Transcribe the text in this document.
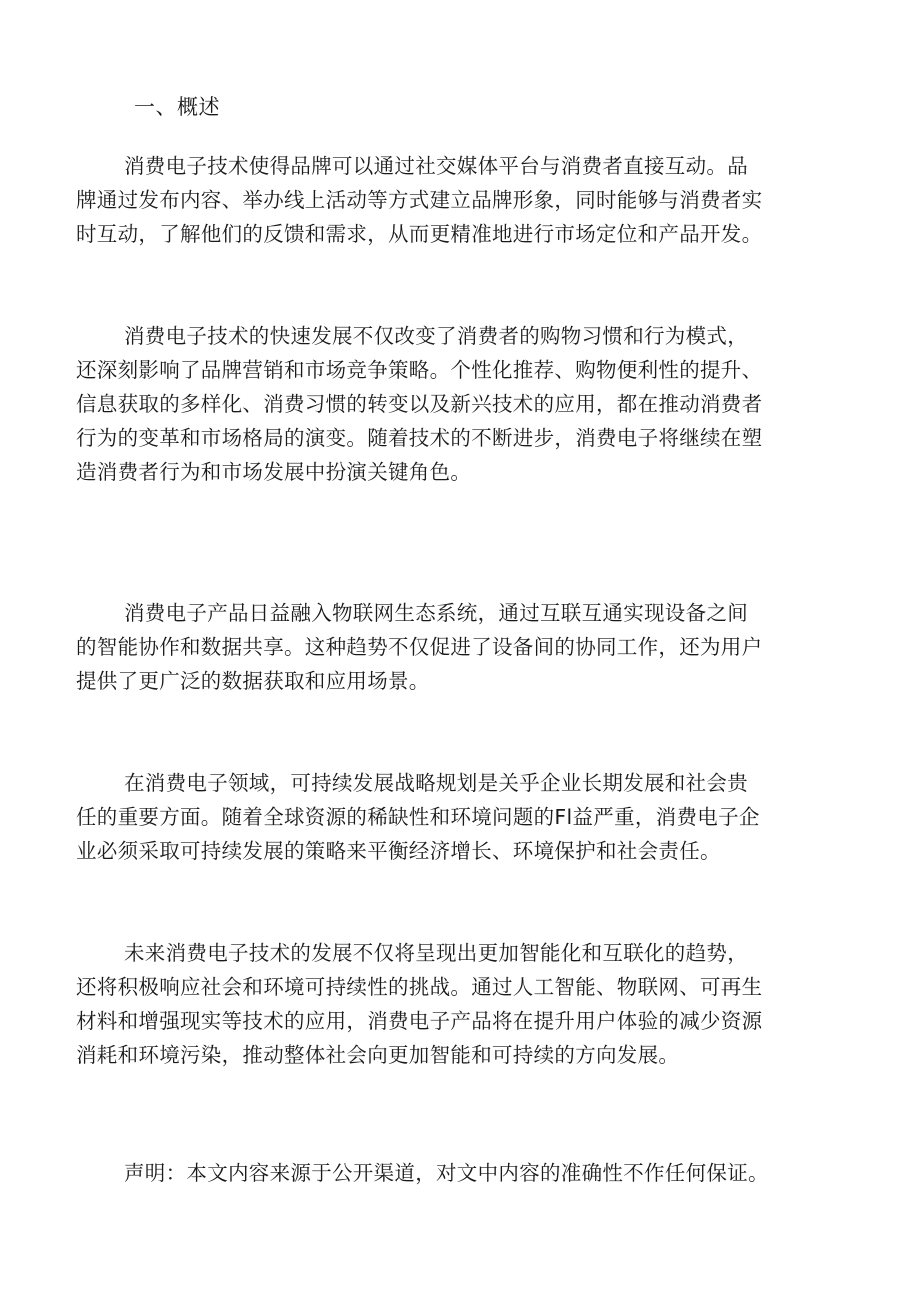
一、概述

消费电子技术使得品牌可以通过社交媒体平台与消费者直接互动。品
牌通过发布内容、举办线上活动等方式建立品牌形象，同时能够与消费者实
时互动，了解他们的反馈和需求，从而更精准地进行市场定位和产品开发。

消费电子技术的快速发展不仅改变了消费者的购物习惯和行为模式，
还深刻影响了品牌营销和市场竞争策略。个性化推荐、购物便利性的提升、
信息获取的多样化、消费习惯的转变以及新兴技术的应用，都在推动消费者
行为的变革和市场格局的演变。随着技术的不断进步，消费电子将继续在塑
造消费者行为和市场发展中扮演关键角色。

消费电子产品日益融入物联网生态系统，通过互联互通实现设备之间
的智能协作和数据共享。这种趋势不仅促进了设备间的协同工作，还为用户
提供了更广泛的数据获取和应用场景。

在消费电子领域，可持续发展战略规划是关乎企业长期发展和社会贵
任的重要方面。随着全球资源的稀缺性和环境问题的Fl益严重，消费电子企
业必须采取可持续发展的策略来平衡经济增长、环境保护和社会责任。

未来消费电子技术的发展不仅将呈现出更加智能化和互联化的趋势，
还将积极响应社会和环境可持续性的挑战。通过人工智能、物联网、可再生
材料和增强现实等技术的应用，消费电子产品将在提升用户体验的减少资源
消耗和环境污染，推动整体社会向更加智能和可持续的方向发展。

声明：本文内容来源于公开渠道，对文中内容的准确性不作任何保证。
